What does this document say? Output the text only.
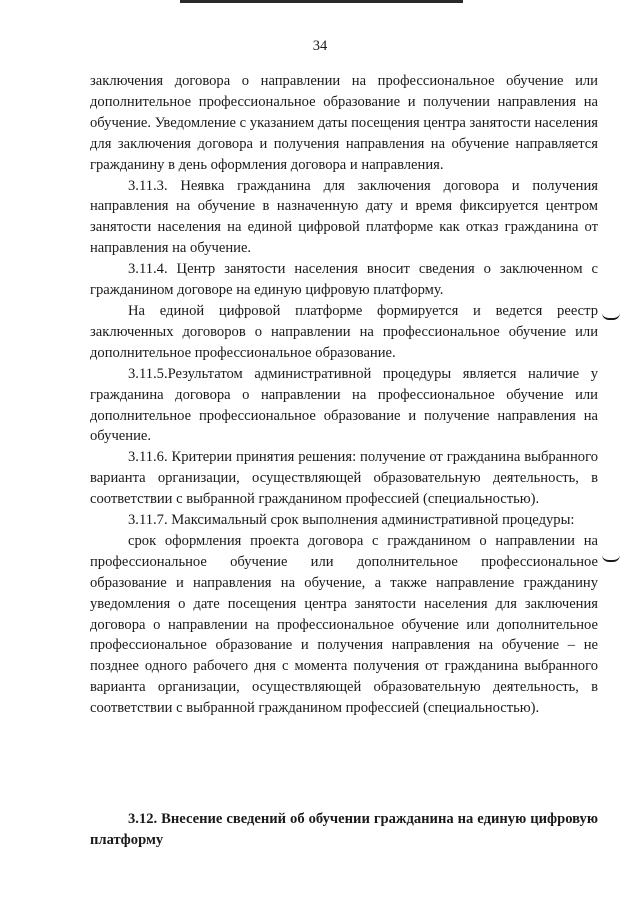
34

заключения договора о направлении на профессиональное обучение или дополнительное профессиональное образование и получении направления на обучение. Уведомление с указанием даты посещения центра занятости населения для заключения договора и получения направления на обучение направляется гражданину в день оформления договора и направления.

3.11.3. Неявка гражданина для заключения договора и получения направления на обучение в назначенную дату и время фиксируется центром занятости населения на единой цифровой платформе как отказ гражданина от направления на обучение.

3.11.4. Центр занятости населения вносит сведения о заключенном с гражданином договоре на единую цифровую платформу.

На единой цифровой платформе формируется и ведется реестр заключенных договоров о направлении на профессиональное обучение или дополнительное профессиональное образование.

3.11.5.Результатом административной процедуры является наличие у гражданина договора о направлении на профессиональное обучение или дополнительное профессиональное образование и получение направления на обучение.

3.11.6. Критерии принятия решения: получение от гражданина выбранного варианта организации, осуществляющей образовательную деятельность, в соответствии с выбранной гражданином профессией (специальностью).

3.11.7. Максимальный срок выполнения административной процедуры:

срок оформления проекта договора с гражданином о направлении на профессиональное обучение или дополнительное профессиональное образование и направления на обучение, а также направление гражданину уведомления о дате посещения центра занятости населения для заключения договора о направлении на профессиональное обучение или дополнительное профессиональное образование и получения направления на обучение – не позднее одного рабочего дня с момента получения от гражданина выбранного варианта организации, осуществляющей образовательную деятельность, в соответствии с выбранной гражданином профессией (специальностью).

3.12. Внесение сведений об обучении гражданина на единую цифровую платформу
